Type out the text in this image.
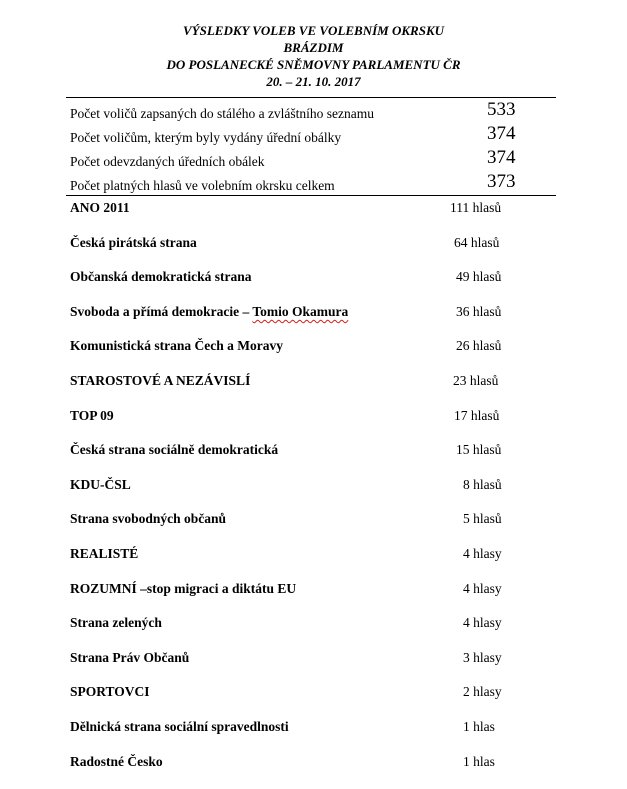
VÝSLEDKY VOLEB VE VOLEBNÍM OKRSKU
BRÁZDIM
DO POSLANECKÉ SNĚMOVNY PARLAMENTU ČR
20. – 21. 10. 2017
Počet voličů zapsaných do stálého a zvláštního seznamu	533
Počet voličům, kterým byly vydány úřední obálky	374
Počet odevzdaných úředních obálek	374
Počet platných hlasů ve volebním okrsku celkem	373
ANO 2011	111 hlasů
Česká pirátská strana	64 hlasů
Občanská demokratická strana	49 hlasů
Svoboda a přímá demokracie – Tomio Okamura	36 hlasů
Komunistická strana Čech a Moravy	26 hlasů
STAROSTOVÉ A NEZÁVISLÍ	23 hlasů
TOP 09	17 hlasů
Česká strana sociálně demokratická	15 hlasů
KDU-ČSL	8 hlasů
Strana svobodných občanů	5 hlasů
REALISTÉ	4 hlasy
ROZUMNÍ –stop migraci a diktátu EU	4 hlasy
Strana zelených	4 hlasy
Strana Práv Občanů	3 hlasy
SPORTOVCI	2 hlasy
Dělnická strana sociální spravedlnosti	1 hlas
Radostné Česko	1 hlas
